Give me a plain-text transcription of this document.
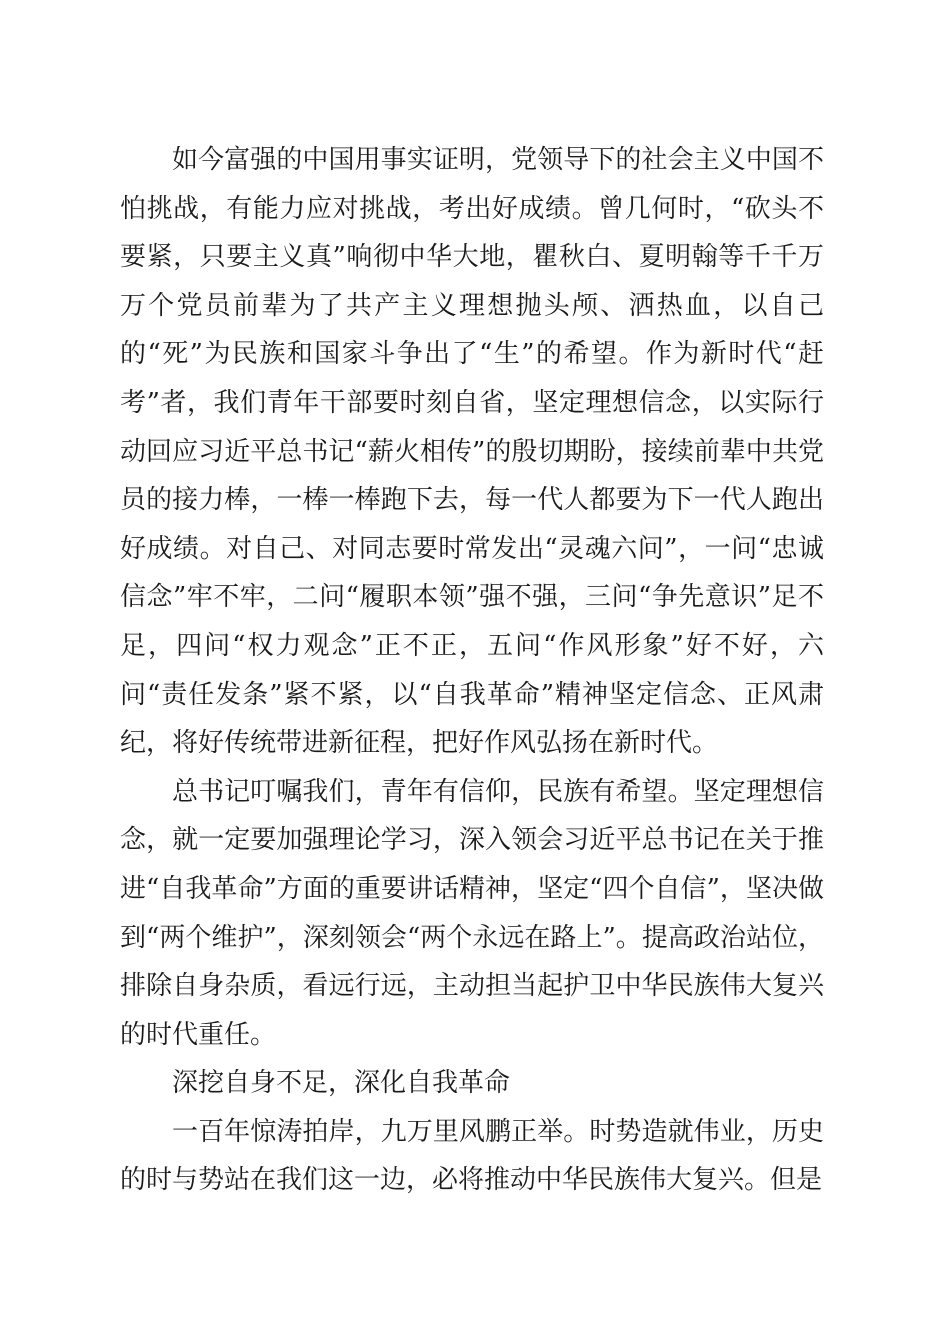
如今富强的中国用事实证明，党领导下的社会主义中国不怕挑战，有能力应对挑战，考出好成绩。曾几何时，“砍头不要紧，只要主义真”响彻中华大地，瞿秋白、夏明翰等千千万万个党员前辈为了共产主义理想抛头颅、洒热血，以自己的“死”为民族和国家斗争出了“生”的希望。作为新时代“赶考”者，我们青年干部要时刻自省，坚定理想信念，以实际行动回应习近平总书记“薪火相传”的殷切期盼，接续前辈中共党员的接力棒，一棒一棒跑下去，每一代人都要为下一代人跑出好成绩。对自己、对同志要时常发出“灵魂六问”，一问“忠诚信念”牢不牢，二问“履职本领”强不强，三问“争先意识”足不足，四问“权力观念”正不正，五问“作风形象”好不好，六问“责任发条”紧不紧，以“自我革命”精神坚定信念、正风肃纪，将好传统带进新征程，把好作风弘扬在新时代。

总书记叮嘱我们，青年有信仰，民族有希望。坚定理想信念，就一定要加强理论学习，深入领会习近平总书记在关于推进“自我革命”方面的重要讲话精神，坚定“四个自信”，坚决做到“两个维护”，深刻领会“两个永远在路上”。提高政治站位，排除自身杂质，看远行远，主动担当起护卫中华民族伟大复兴的时代重任。

深挖自身不足，深化自我革命

一百年惊涛拍岸，九万里风鹏正举。时势造就伟业，历史的时与势站在我们这一边，必将推动中华民族伟大复兴。但是
